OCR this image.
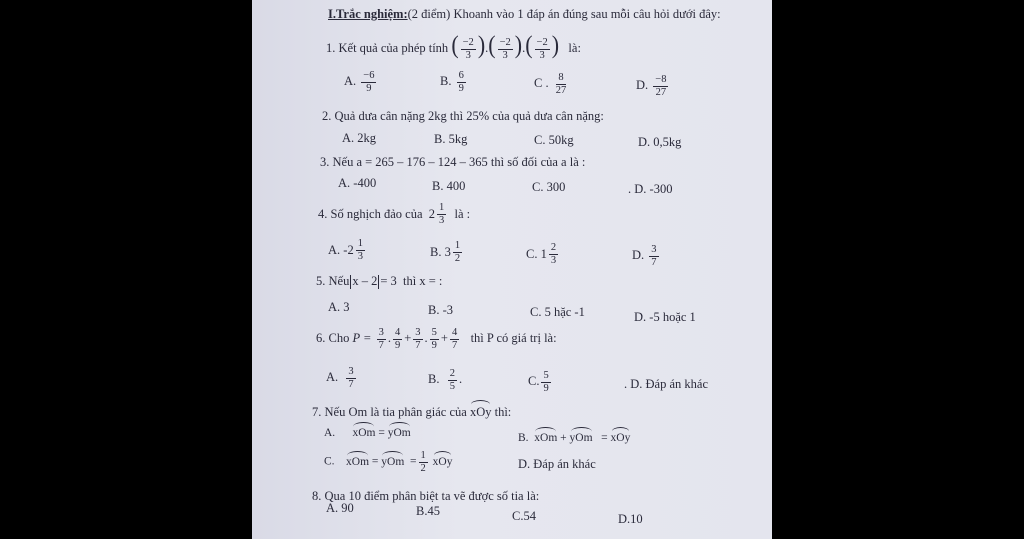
I.Trắc nghiệm:(2 điểm) Khoanh vào 1 đáp án đúng sau mỗi câu hỏi dưới đây:
1. Kết quả của phép tính ( $\frac{-2}{3}$ ).( $\frac{-2}{3}$ ).( $\frac{-2}{3}$ ) là:
A. $\frac{-6}{9}$	B. $\frac{6}{9}$	C . $\frac{8}{27}$	D. $\frac{-8}{27}$
2. Quả dưa cân nặng 2kg thì 25% của quả dưa cân nặng:
A. 2kg	B. 5kg	C. 50kg	D. 0,5kg
3. Nếu a = 265 – 176 – 124 – 365 thì số đối của a là :
A. -400	B. 400	C. 300	. D. -300
4. Số nghịch đảo của $2 \frac{1}{3}$ là :
A. $-2 \frac{1}{3}$	B. $3 \frac{1}{2}$	C. $1 \frac{2}{3}$	D. $\frac{3}{7}$
5. Nếu x – 2 = 3 thì x = :
A. 3	B. -3	C. 5 hặc -1	D. -5 hoặc 1
6. Cho $P = \frac{3}{7}$ . $\frac{4}{9} + \frac{3}{7}$ . $\frac{5}{9} + \frac{4}{7}$ thì P có giá trị là:
A. $\frac{3}{7}$	B. $\frac{2}{5}$ .	C. $\frac{5}{9}$	. D. Đáp án khác
7. Nếu Om là tia phân giác của xOy thì:
A. xOm = yOm	B. xOm + yOm = xOy
C. xOm = yOm = $\frac{1}{2}$ xOy	D. Đáp án khác
8. Qua 10 điểm phân biệt ta vẽ được số tia là:
A. 90	B.45	C.54	D.10
